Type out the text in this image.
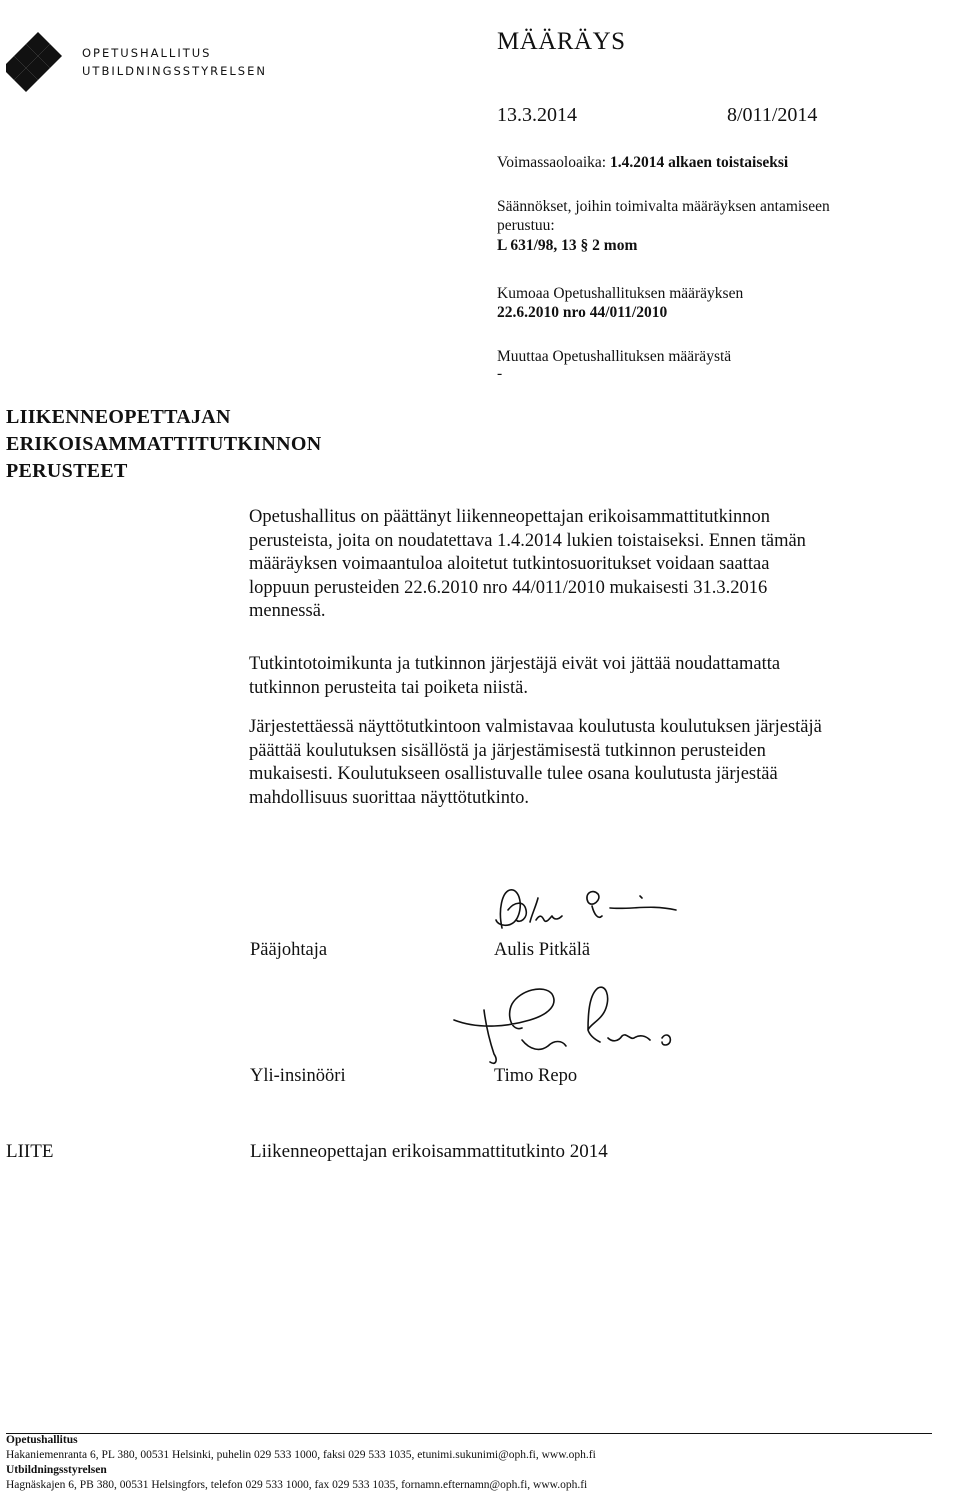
OPETUSHALLITUS
UTBILDNINGSSTYRELSEN
MÄÄRÄYS
13.3.2014	8/011/2014
Voimassaoloaika: 1.4.2014 alkaen toistaiseksi
Säännökset, joihin toimivalta määräyksen antamiseen
perustuu:
L 631/98, 13 § 2 mom
Kumoaa Opetushallituksen määräyksen
22.6.2010 nro 44/011/2010
Muuttaa Opetushallituksen määräystä
-
LIIKENNEOPETTAJAN
ERIKOISAMMATTITUTKINNON
PERUSTEET
Opetushallitus on päättänyt liikenneopettajan erikoisammattitutkinnon
perusteista, joita on noudatettava 1.4.2014 lukien toistaiseksi. Ennen tämän
määräyksen voimaantuloa aloitetut tutkintosuoritukset voidaan saattaa
loppuun perusteiden 22.6.2010 nro 44/011/2010 mukaisesti 31.3.2016
mennessä.
Tutkintotoimikunta ja tutkinnon järjestäjä eivät voi jättää noudattamatta
tutkinnon perusteita tai poiketa niistä.
Järjestettäessä näyttötutkintoon valmistavaa koulutusta koulutuksen järjestäjä
päättää koulutuksen sisällöstä ja järjestämisestä tutkinnon perusteiden
mukaisesti. Koulutukseen osallistuvalle tulee osana koulutusta järjestää
mahdollisuus suorittaa näyttötutkinto.
Pääjohtaja	Aulis Pitkälä
Yli-insinööri	Timo Repo
LIITE	Liikenneopettajan erikoisammattitutkinto 2014
Opetushallitus
Hakaniemenranta 6, PL 380, 00531 Helsinki, puhelin 029 533 1000, faksi 029 533 1035, etunimi.sukunimi@oph.fi, www.oph.fi
Utbildningsstyrelsen
Hagnäskajen 6, PB 380, 00531 Helsingfors, telefon 029 533 1000, fax 029 533 1035, fornamn.efternamn@oph.fi, www.oph.fi
